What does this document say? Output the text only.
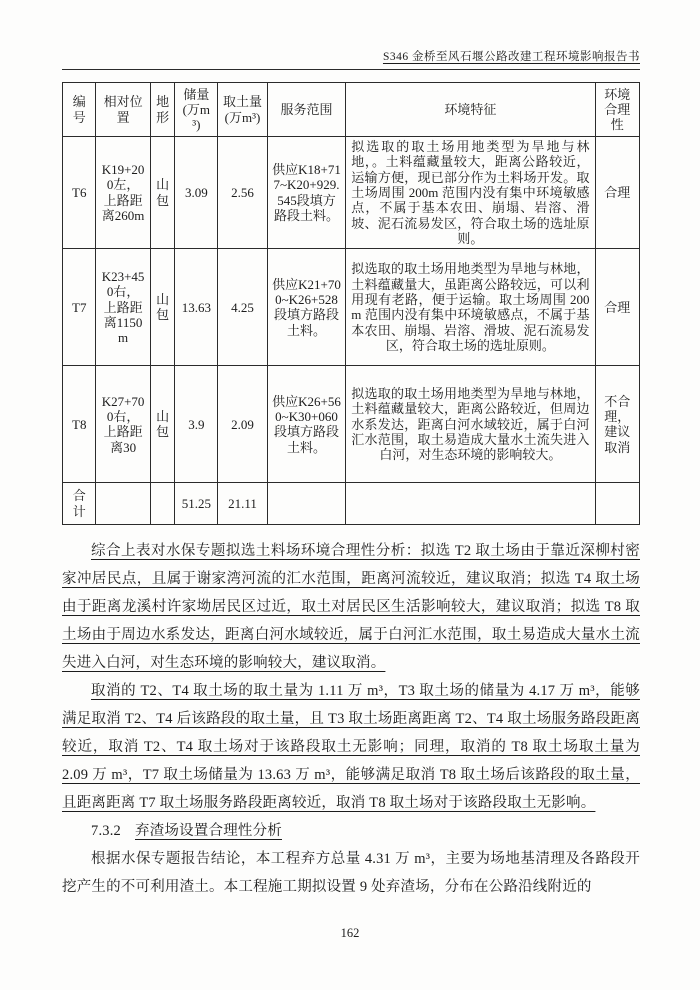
S346 金桥至风石堰公路改建工程环境影响报告书
编号	相对位置	地形	储量(万m³)	取土量(万m³)	服务范围	环境特征	环境合理性
T6	K19+200左，上路距离260m	山包	3.09	2.56	供应K18+717~K20+929.545段填方路段土料。	拟选取的取土场用地类型为旱地与林地，。土料蕴藏量较大，距离公路较近，运输方便，现已部分作为土料场开发。取土场周围 200m 范围内没有集中环境敏感点，不属于基本农田、崩塌、岩溶、滑坡、泥石流易发区，符合取土场的选址原则。	合理
T7	K23+450右，上路距离1150m	山包	13.63	4.25	供应K21+700~K26+528段填方路段土料。	拟选取的取土场用地类型为旱地与林地，土料蕴藏量大，虽距离公路较远，可以利用现有老路，便于运输。取土场周围 200m 范围内没有集中环境敏感点，不属于基本农田、崩塌、岩溶、滑坡、泥石流易发区，符合取土场的选址原则。	合理
T8	K27+700右，上路距离30	山包	3.9	2.09	供应K26+560~K30+060段填方路段土料。	拟选取的取土场用地类型为旱地与林地，土料蕴藏量较大，距离公路较近，但周边水系发达，距离白河水域较近，属于白河汇水范围，取土易造成大量水土流失进入白河，对生态环境的影响较大。	不合理，建议取消
合计			51.25	21.11			

综合上表对水保专题拟选土料场环境合理性分析：拟选 T2 取土场由于靠近深柳村密家冲居民点，且属于谢家湾河流的汇水范围，距离河流较近，建议取消；拟选 T4 取土场由于距离龙溪村许家坳居民区过近，取土对居民区生活影响较大，建议取消；拟选 T8 取土场由于周边水系发达，距离白河水域较近，属于白河汇水范围，取土易造成大量水土流失进入白河，对生态环境的影响较大，建议取消。

取消的 T2、T4 取土场的取土量为 1.11 万 m³，T3 取土场的储量为 4.17 万 m³，能够满足取消 T2、T4 后该路段的取土量，且 T3 取土场距离距离 T2、T4 取土场服务路段距离较近，取消 T2、T4 取土场对于该路段取土无影响；同理，取消的 T8 取土场取土量为 2.09 万 m³，T7 取土场储量为 13.63 万 m³，能够满足取消 T8 取土场后该路段的取土量，且距离距离 T7 取土场服务路段距离较近，取消 T8 取土场对于该路段取土无影响。

7.3.2 弃渣场设置合理性分析

根据水保专题报告结论，本工程弃方总量 4.31 万 m³，主要为场地基清理及各路段开挖产生的不可利用渣土。本工程施工期拟设置 9 处弃渣场，分布在公路沿线附近的

162
